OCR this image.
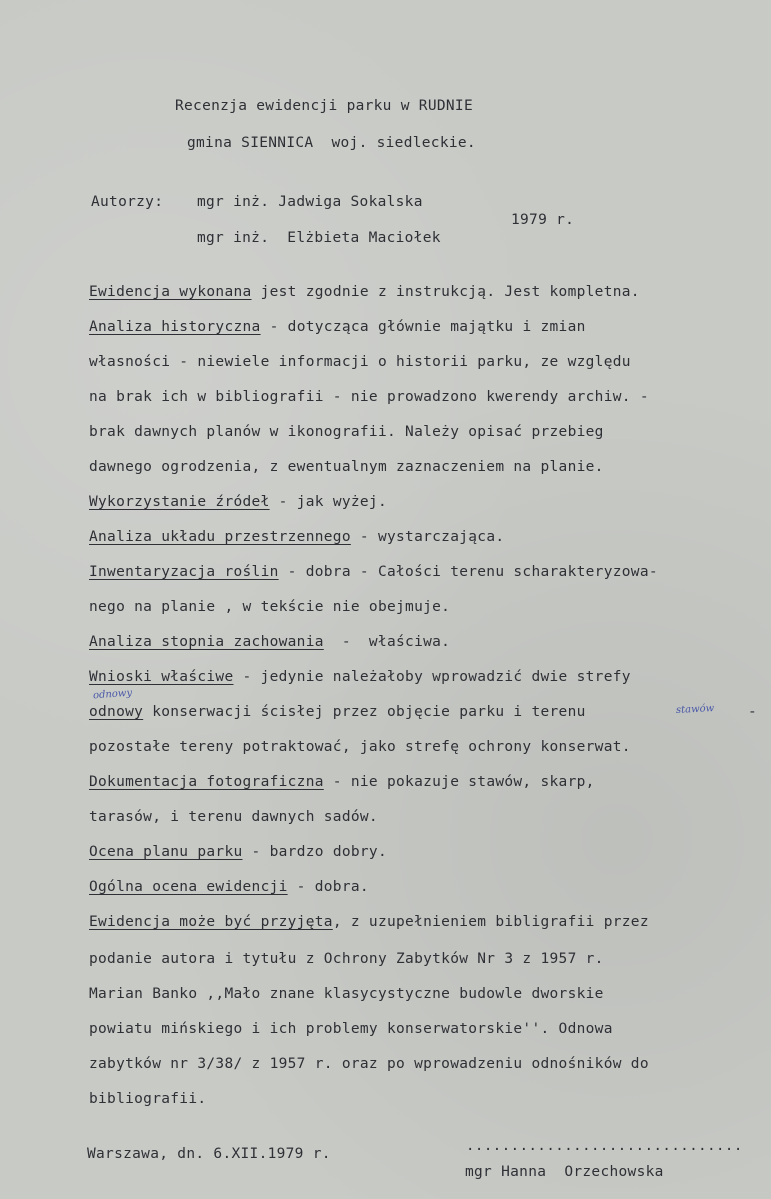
Recenzja ewidencji parku w RUDNIE
gmina SIENNICA  woj. siedleckie.
Autorzy: mgr inż. Jadwiga Sokalska
mgr inż.  Elżbieta Maciołek
1979 r.
Ewidencja wykonana jest zgodnie z instrukcją. Jest kompletna.
Analiza historyczna - dotycząca głównie majątku i zmian
własności - niewiele informacji o historii parku, ze względu
na brak ich w bibliografii - nie prowadzono kwerendy archiw. -
brak dawnych planów w ikonografii. Należy opisać przebieg
dawnego ogrodzenia, z ewentualnym zaznaczeniem na planie.
Wykorzystanie źródeł - jak wyżej.
Analiza układu przestrzennego - wystarczająca.
Inwentaryzacja roślin - dobra - Całości terenu scharakteryzowa-
nego na planie , w tekście nie obejmuje.
Analiza stopnia zachowania  -  właściwa.
Wnioski właściwe - jedynie należałoby wprowadzić dwie strefy
odnowy
odnowy konserwacji ścisłej przez objęcie parku i terenu	stawów -
pozostałe tereny potraktować, jako strefę ochrony konserwat.
Dokumentacja fotograficzna - nie pokazuje stawów, skarp,
tarasów, i terenu dawnych sadów.
Ocena planu parku - bardzo dobry.
Ogólna ocena ewidencji - dobra.
Ewidencja może być przyjęta, z uzupełnieniem bibligrafii przez
podanie autora i tytułu z Ochrony Zabytków Nr 3 z 1957 r.
Marian Banko ,,Mało znane klasycystyczne budowle dworskie
powiatu mińskiego i ich problemy konserwatorskie''. Odnowa
zabytków nr 3/38/ z 1957 r. oraz po wprowadzeniu odnośników do
bibliografii.
Warszawa, dn. 6.XII.1979 r.	...............................
mgr Hanna  Orzechowska
